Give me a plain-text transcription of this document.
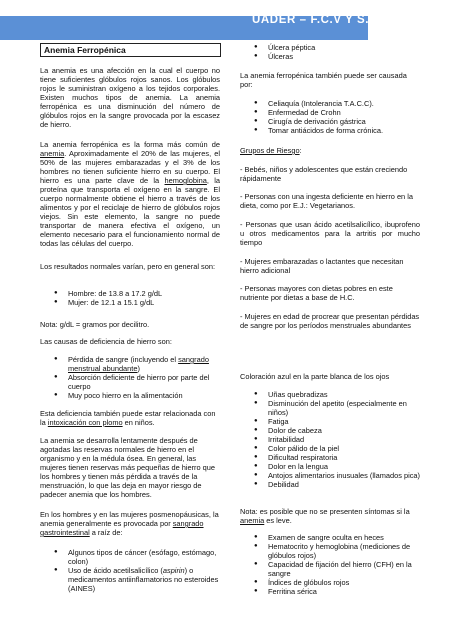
UADER – F.C.V Y S.
Anemia Ferropénica

La anemia es una afección en la cual el cuerpo no tiene suficientes glóbulos rojos sanos. Los glóbulos rojos le suministran oxígeno a los tejidos corporales. Existen muchos tipos de anemia. La anemia ferropénica es una disminución del número de glóbulos rojos en la sangre provocada por la escasez de hierro.

La anemia ferropénica es la forma más común de anemia. Aproximadamente el 20% de las mujeres, el 50% de las mujeres embarazadas y el 3% de los hombres no tienen suficiente hierro en su cuerpo. El hierro es una parte clave de la hemoglobina, la proteína que transporta el oxígeno en la sangre. El cuerpo normalmente obtiene el hierro a través de los alimentos y por el reciclaje de hierro de glóbulos rojos viejos. Sin este elemento, la sangre no puede transportar de manera efectiva el oxígeno, un elemento necesario para el funcionamiento normal de todas las células del cuerpo.

Los resultados normales varían, pero en general son:

● Hombre: de 13.8 a 17.2 g/dL
● Mujer: de 12.1 a 15.1 g/dL

Nota: g/dL = gramos por decilitro.

Las causas de deficiencia de hierro son:

● Pérdida de sangre (incluyendo el sangrado menstrual abundante)
● Absorción deficiente de hierro por parte del cuerpo
● Muy poco hierro en la alimentación

Esta deficiencia también puede estar relacionada con la intoxicación con plomo en niños.

La anemia se desarrolla lentamente después de agotadas las reservas normales de hierro en el organismo y en la médula ósea. En general, las mujeres tienen reservas más pequeñas de hierro que los hombres y tienen más pérdida a través de la menstruación, lo que las deja en mayor riesgo de padecer anemia que los hombres.

En los hombres y en las mujeres posmenopáusicas, la anemia generalmente es provocada por sangrado gastrointestinal a raíz de:

● Algunos tipos de cáncer (esófago, estómago, colon)
● Uso de ácido acetilsalicílico (aspirin) o medicamentos antiinflamatorios no esteroides (AINES)
● Úlcera péptica
● Úlceras

La anemia ferropénica también puede ser causada por:

● Celiaquía (Intolerancia T.A.C.C).
● Enfermedad de Crohn
● Cirugía de derivación gástrica
● Tomar antiácidos de forma crónica.

Grupos de Riesgo:

- Bebés, niños y adolescentes que están creciendo rápidamente

- Personas con una ingesta deficiente en hierro en la dieta, como por E.J.: Vegetarianos.

- Personas que usan ácido acetilsalicílico, ibuprofeno u otros medicamentos para la artritis por mucho tiempo

- Mujeres embarazadas o lactantes que necesitan hierro adicional

- Personas mayores con dietas pobres en este nutriente por dietas a base de H.C.

- Mujeres en edad de procrear que presentan pérdidas de sangre por los períodos menstruales abundantes

Coloración azul en la parte blanca de los ojos

● Uñas quebradizas
● Disminución del apetito (especialmente en niños)
● Fatiga
● Dolor de cabeza
● Irritabilidad
● Color pálido de la piel
● Dificultad respiratoria
● Dolor en la lengua
● Antojos alimentarios inusuales (llamados pica)
● Debilidad

Nota: es posible que no se presenten síntomas si la anemia es leve.

● Examen de sangre oculta en heces
● Hematocrito y hemoglobina (mediciones de glóbulos rojos)
● Capacidad de fijación del hierro (CFH) en la sangre
● Índices de glóbulos rojos
● Ferritina sérica
